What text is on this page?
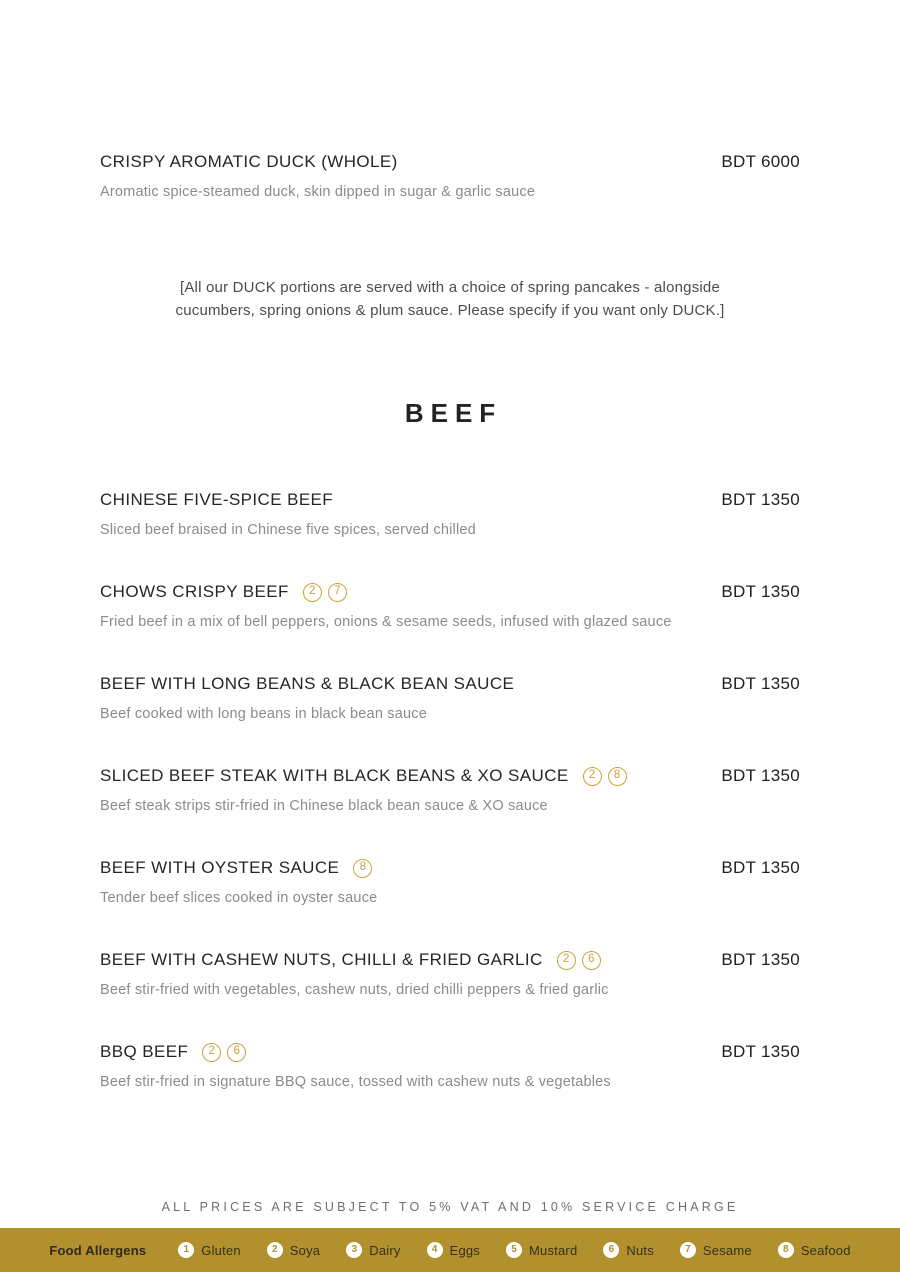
CRISPY AROMATIC DUCK (WHOLE)	BDT 6000
Aromatic spice-steamed duck, skin dipped in sugar & garlic sauce
[All our DUCK portions are served with a choice of spring pancakes - alongside
cucumbers, spring onions & plum sauce. Please specify if you want only DUCK.]
BEEF
CHINESE FIVE-SPICE BEEF	BDT 1350
Sliced beef braised in Chinese five spices, served chilled
CHOWS CRISPY BEEF	2	7	BDT 1350
Fried beef in a mix of bell peppers, onions & sesame seeds, infused with glazed sauce
BEEF WITH LONG BEANS & BLACK BEAN SAUCE	BDT 1350
Beef cooked with long beans in black bean sauce
SLICED BEEF STEAK WITH BLACK BEANS & XO SAUCE	2	8	BDT 1350
Beef steak strips stir-fried in Chinese black bean sauce & XO sauce
BEEF WITH OYSTER SAUCE	8	BDT 1350
Tender beef slices cooked in oyster sauce
BEEF WITH CASHEW NUTS, CHILLI & FRIED GARLIC	2	6	BDT 1350
Beef stir-fried with vegetables, cashew nuts, dried chilli peppers & fried garlic
BBQ BEEF	2	6	BDT 1350
Beef stir-fried in signature BBQ sauce, tossed with cashew nuts & vegetables
ALL PRICES ARE SUBJECT TO 5% VAT AND 10% SERVICE CHARGE
Food Allergens	1 Gluten	2 Soya	3 Dairy	4 Eggs	5 Mustard	6 Nuts	7 Sesame	8 Seafood
